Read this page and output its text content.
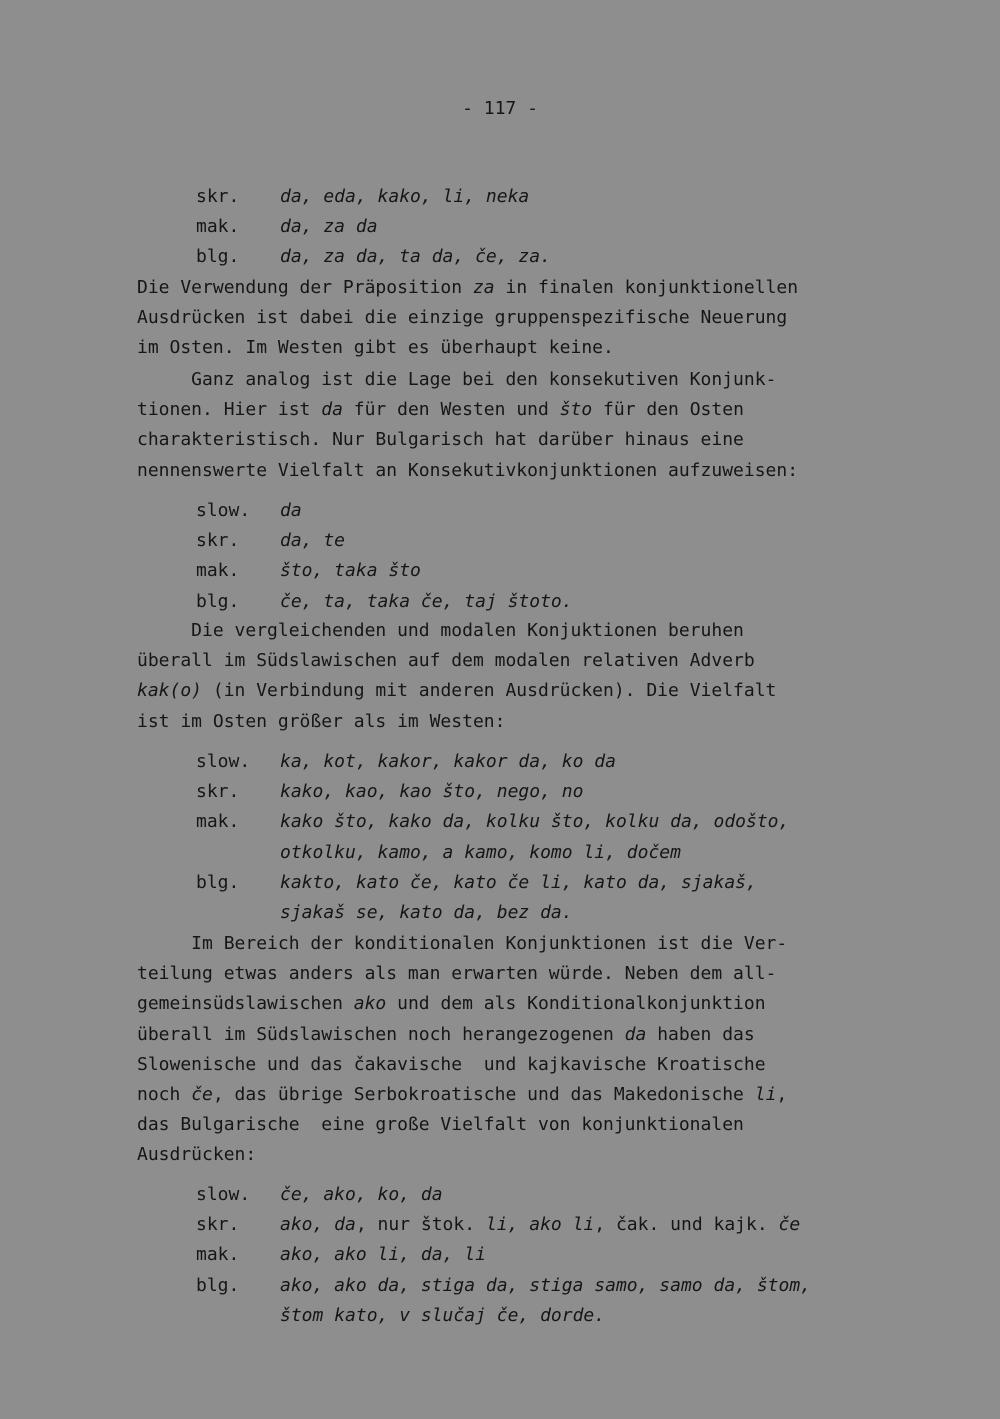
- 117 -
skr. da, eda, kako, li, neka
mak. da, za da
blg. da, za da, ta da, če, za.
Die Verwendung der Präposition za in finalen konjunktionellen
Ausdrücken ist dabei die einzige gruppenspezifische Neuerung
im Osten. Im Westen gibt es überhaupt keine.
Ganz analog ist die Lage bei den konsekutiven Konjunk-
tionen. Hier ist da für den Westen und što für den Osten
charakteristisch. Nur Bulgarisch hat darüber hinaus eine
nennenswerte Vielfalt an Konsekutivkonjunktionen aufzuweisen:
slow. da
skr. da, te
mak. što, taka što
blg. če, ta, taka če, taj štoto.
Die vergleichenden und modalen Konjuktionen beruhen
überall im Südslawischen auf dem modalen relativen Adverb
kak(o) (in Verbindung mit anderen Ausdrücken). Die Vielfalt
ist im Osten größer als im Westen:
slow. ka, kot, kakor, kakor da, ko da
skr. kako, kao, kao što, nego, no
mak. kako što, kako da, kolku što, kolku da, odošto,
otkolku, kamo, a kamo, komo li, dočem
blg. kakto, kato če, kato če li, kato da, sjakaš,
sjakaš se, kato da, bez da.
Im Bereich der konditionalen Konjunktionen ist die Ver-
teilung etwas anders als man erwarten würde. Neben dem all-
gemeinsüdslawischen ako und dem als Konditionalkonjunktion
überall im Südslawischen noch herangezogenen da haben das
Slowenische und das čakavische  und kajkavische Kroatische
noch če, das übrige Serbokroatische und das Makedonische li,
das Bulgarische  eine große Vielfalt von konjunktionalen
Ausdrücken:
slow. če, ako, ko, da
skr. ako, da, nur štok. li, ako li, čak. und kajk. če
mak. ako, ako li, da, li
blg. ako, ako da, stiga da, stiga samo, samo da, štom,
štom kato, v slučaj če, dorde.
